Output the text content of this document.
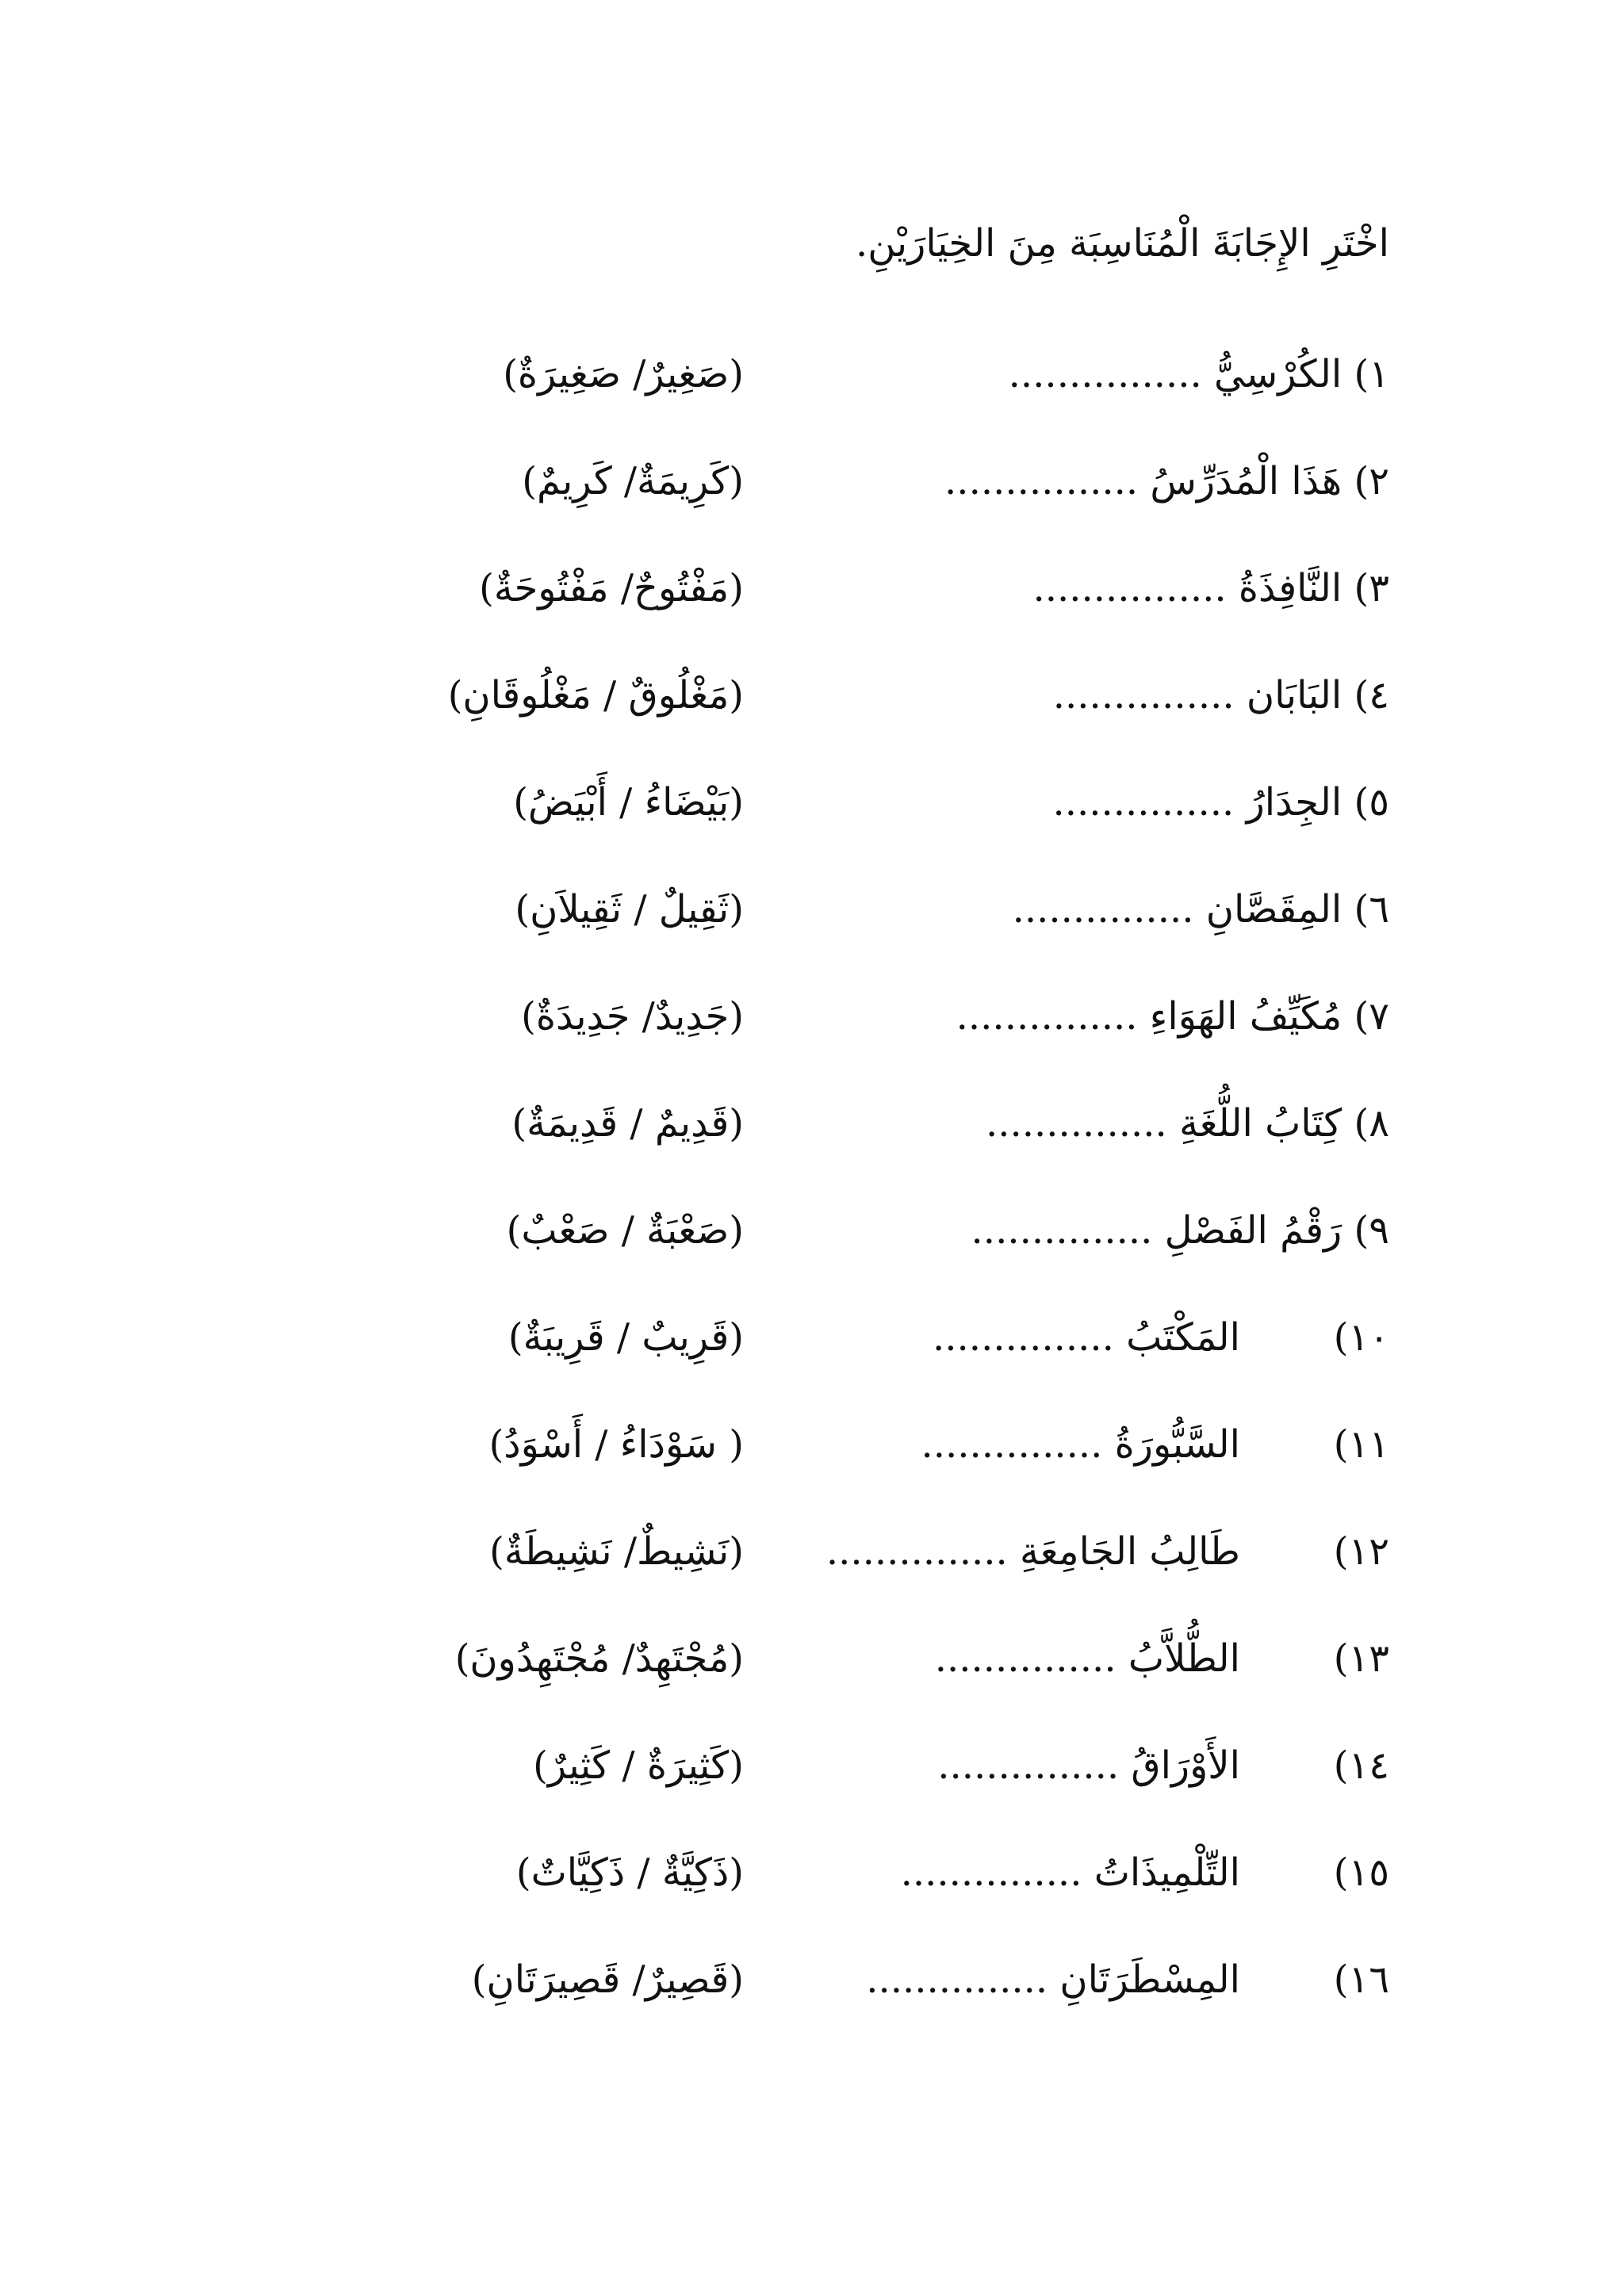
اخْتَرِ الإِجَابَةَ الْمُنَاسِبَة مِنَ الخِيَارَيْنِ.
١) الكُرْسِيُّ ................
(صَغِيرٌ/ صَغِيرَةٌ)
٢) هَذَا الْمُدَرِّسُ ................
(كَرِيمَةٌ/ كَرِيمٌ)
٣) النَّافِذَةُ ................
(مَفْتُوحٌ/ مَفْتُوحَةٌ)
٤) البَابَان ...............
(مَغْلُوقٌ / مَغْلُوقَانِ)
٥) الجِدَارُ ...............
(بَيْضَاءُ / أَبْيَضُ)
٦) المِقَصَّانِ ...............
(ثَقِيلٌ / ثَقِيلاَنِ)
٧) مُكَيِّفُ الهَوَاءِ ...............
(جَدِيدٌ/ جَدِيدَةٌ)
٨) كِتَابُ اللُّغَةِ ...............
(قَدِيمٌ / قَدِيمَةٌ)
٩) رَقْمُ الفَصْلِ ...............
(صَعْبَةٌ / صَعْبٌ)
١٠)
المَكْتَبُ ...............
(قَرِيبٌ / قَرِيبَةٌ)
١١)
السَّبُّورَةُ ...............
( سَوْدَاءُ / أَسْوَدُ)
١٢)
طَالِبُ الجَامِعَةِ ...............
(نَشِيطٌ/ نَشِيطَةٌ)
١٣)
الطُّلاَّبُ ...............
(مُجْتَهِدٌ/ مُجْتَهِدُونَ)
١٤)
الأَوْرَاقُ ...............
(كَثِيرَةٌ / كَثِيرٌ)
١٥)
التِّلْمِيذَاتُ ...............
(ذَكِيَّةٌ / ذَكِيَّاتٌ)
١٦)
المِسْطَرَتَانِ ...............
(قَصِيرٌ/ قَصِيرَتَانِ)
